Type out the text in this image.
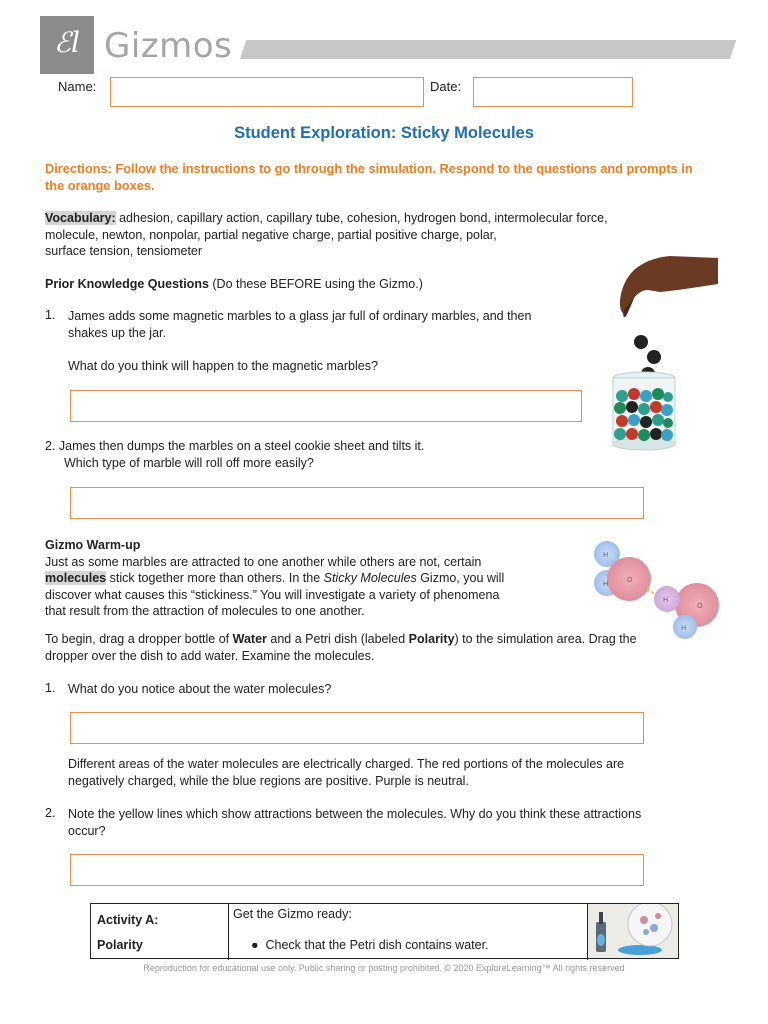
ℰl Gizmos
Name:	Date:
Student Exploration: Sticky Molecules
Directions: Follow the instructions to go through the simulation. Respond to the questions and prompts in the orange boxes.
Vocabulary: adhesion, capillary action, capillary tube, cohesion, hydrogen bond, intermolecular force,
molecule, newton, nonpolar, partial negative charge, partial positive charge, polar,
surface tension, tensiometer
Prior Knowledge Questions (Do these BEFORE using the Gizmo.)
1. James adds some magnetic marbles to a glass jar full of ordinary marbles, and then
shakes up the jar.
What do you think will happen to the magnetic marbles?
2. James then dumps the marbles on a steel cookie sheet and tilts it.
Which type of marble will roll off more easily?
Gizmo Warm-up
Just as some marbles are attracted to one another while others are not, certain
molecules stick together more than others. In the Sticky Molecules Gizmo, you will
discover what causes this “stickiness.” You will investigate a variety of phenomena
that result from the attraction of molecules to one another.
H
H	O
H
H
O
To begin, drag a dropper bottle of Water and a Petri dish (labeled Polarity) to the simulation area. Drag the
dropper over the dish to add water. Examine the molecules.
1. What do you notice about the water molecules?
Different areas of the water molecules are electrically charged. The red portions of the molecules are
negatively charged, while the blue regions are positive. Purple is neutral.
2. Note the yellow lines which show attractions between the molecules. Why do you think these attractions
occur?
Activity A:
Polarity
Get the Gizmo ready:
●  Check that the Petri dish contains water.
Reproduction for educational use only. Public sharing or posting prohibited. © 2020 ExploreLearning™ All rights reserved
